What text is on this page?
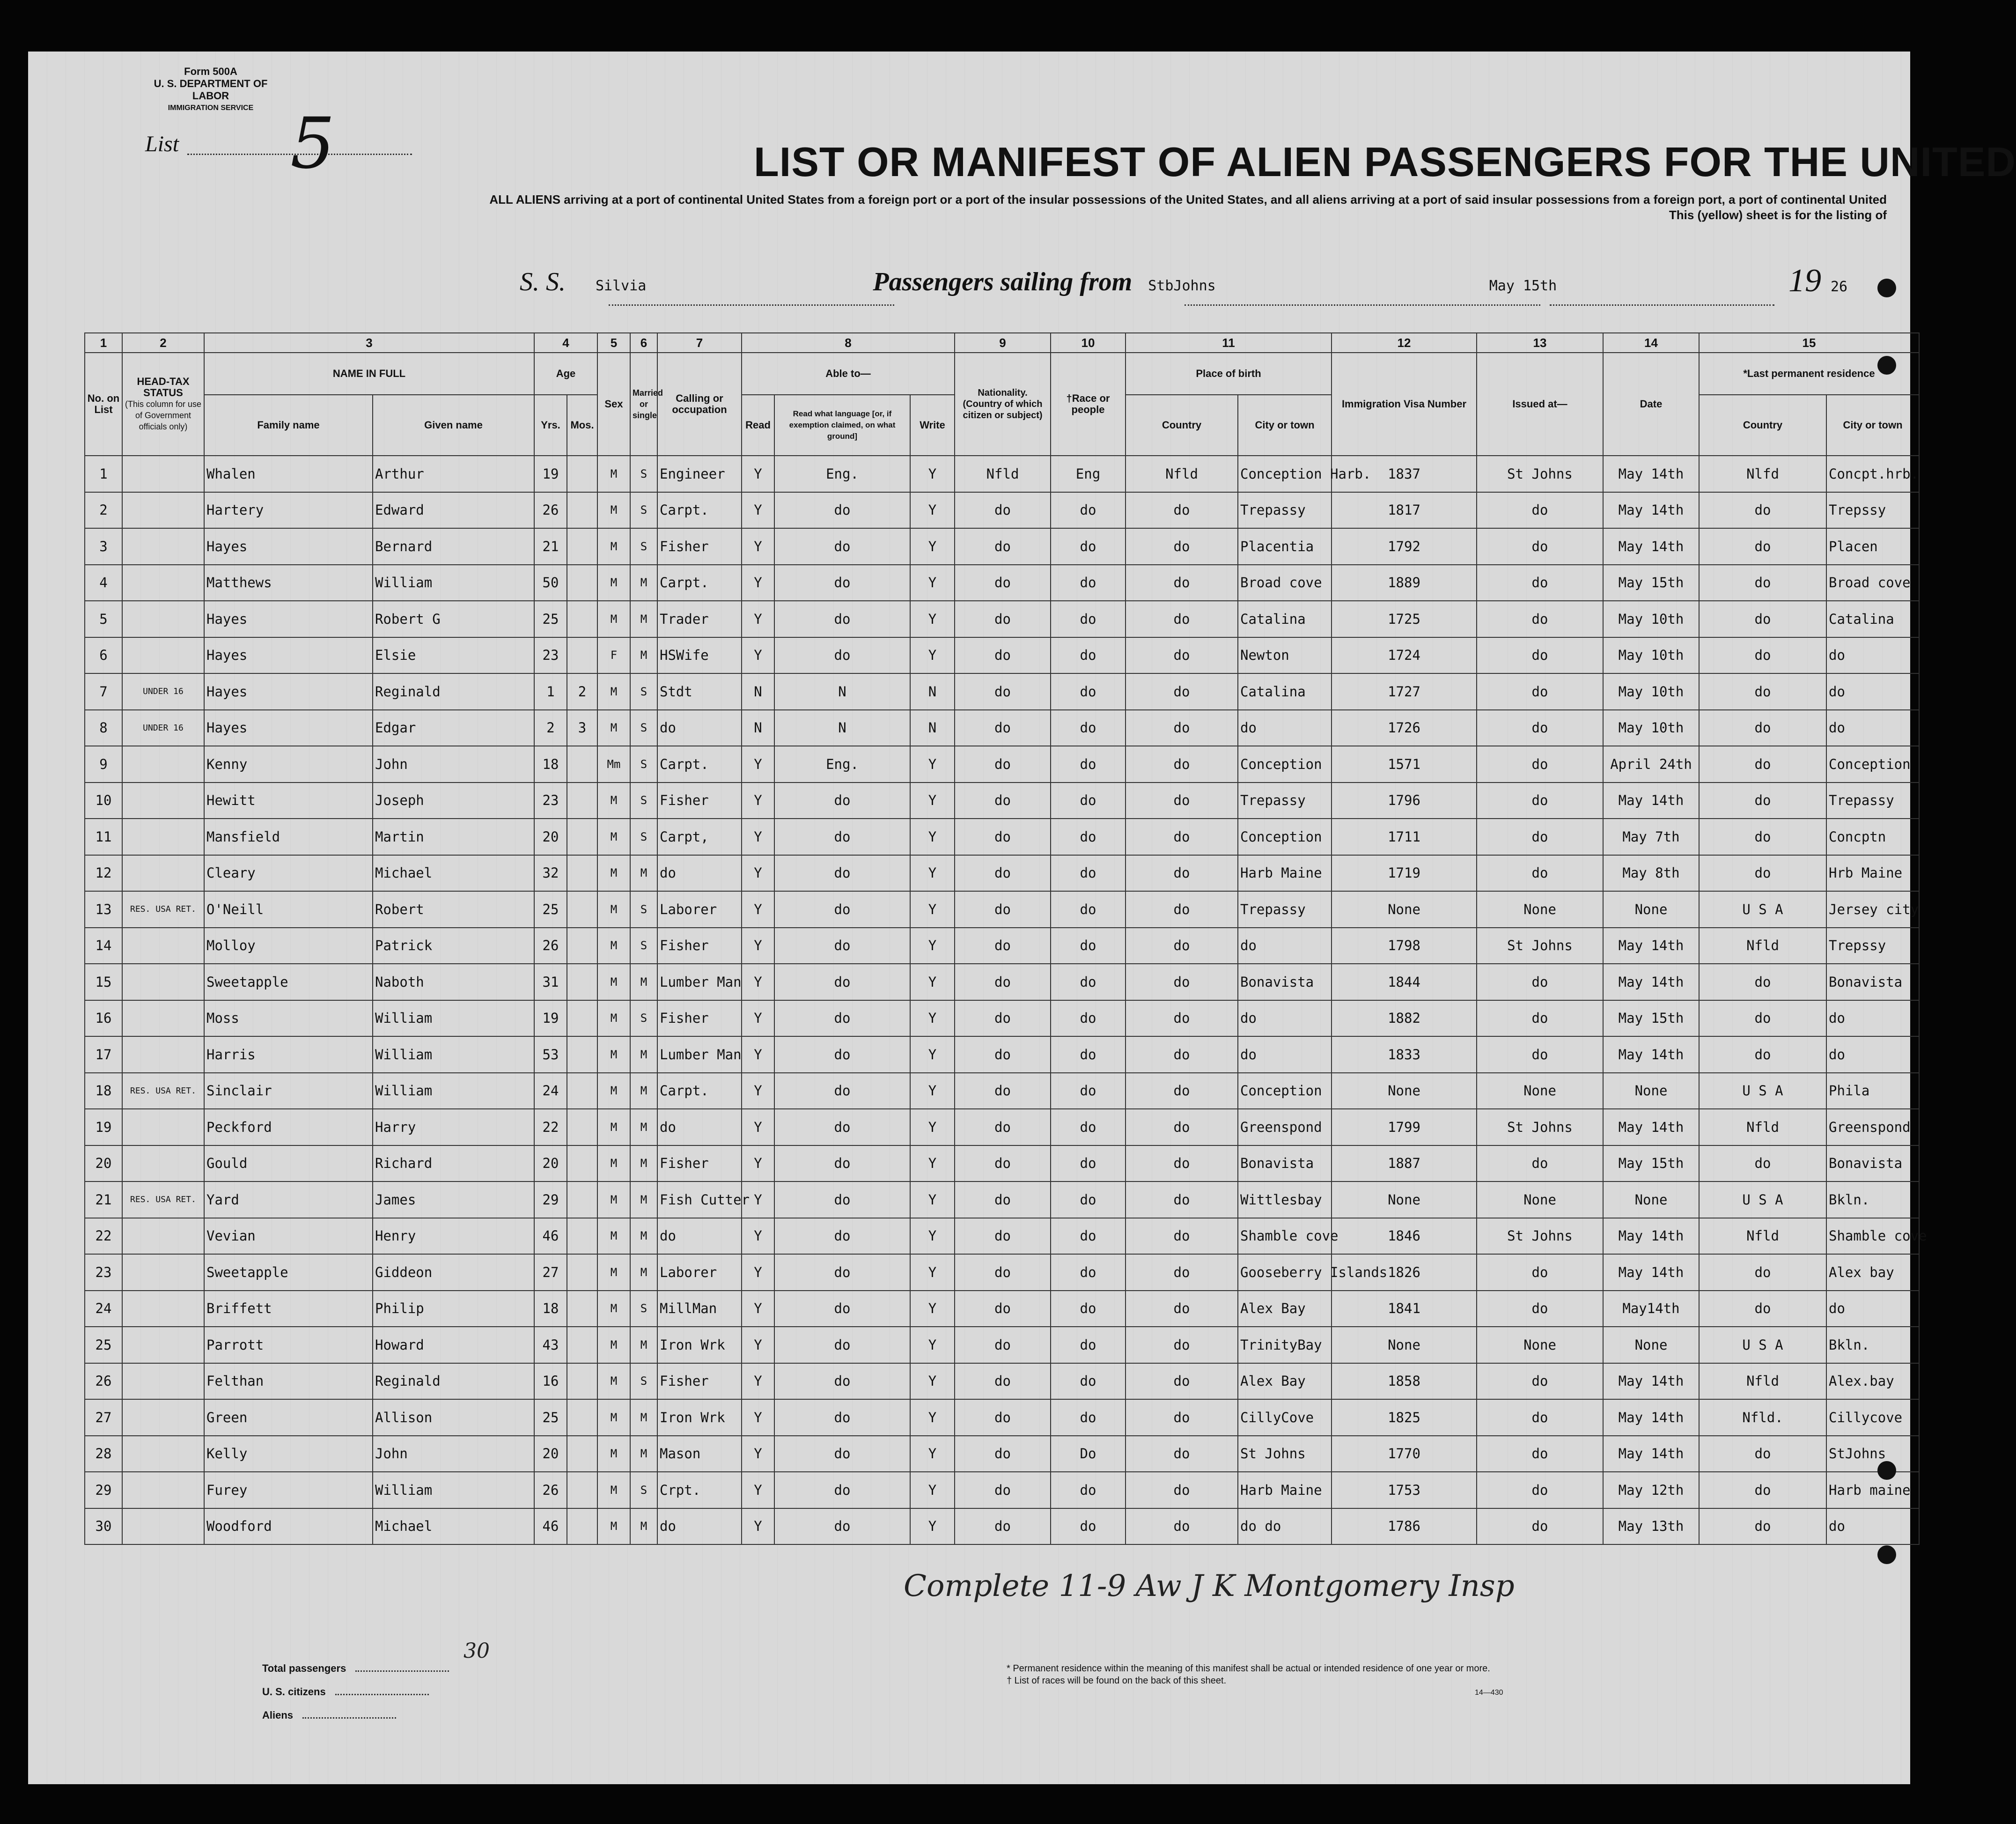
Form 500A
U. S. DEPARTMENT OF LABOR
IMMIGRATION SERVICE
List 5	LIST OR MANIFEST OF ALIEN PASSENGERS FOR THE UNITED
ALL ALIENS arriving at a port of continental United States from a foreign port or a port of the insular possessions of the United States, and all aliens arriving at a port of said insular possessions from a foreign port, a port of continental United
This (yellow) sheet is for the listing of
S. S. Silvia	Passengers sailing from StbJohns	May 15th	19 26
1	2	3		4		5	6	7	8			9	10	11		12	13	14	15	
No. on List	HEAD-TAX STATUS
(This column for use of Government officials only)	NAME IN FULL		Age		Sex	Married or single	Calling or occupation	Able to—			Nationality. (Country of which citizen or subject)	†Race or people	Place of birth		Immigration Visa Number	Issued at—	Date	*Last permanent residence	
		Family name	Given name	Yrs.	Mos.				Read	Read what language [or, if exemption claimed, on what ground]	Write			Country	City or town				Country	City or town
1		Whalen	Arthur	19		M	S	Engineer	Y	Eng.	Y	Nfld	Eng	Nfld	Conception Harb.	1837	St Johns	May 14th	Nlfd	Concpt.hrb.
2		Hartery	Edward	26		M	S	Carpt.	Y	do	Y	do	do	do	Trepassy	1817	do	May 14th	do	Trepssy
3		Hayes	Bernard	21		M	S	Fisher	Y	do	Y	do	do	do	Placentia	1792	do	May 14th	do	Placen
4		Matthews	William	50		M	M	Carpt.	Y	do	Y	do	do	do	Broad cove	1889	do	May 15th	do	Broad cove
5		Hayes	Robert G	25		M	M	Trader	Y	do	Y	do	do	do	Catalina	1725	do	May 10th	do	Catalina
6		Hayes	Elsie	23		F	M	HSWife	Y	do	Y	do	do	do	Newton	1724	do	May 10th	do	do
7	UNDER 16	Hayes	Reginald	1	2	M	S	Stdt	N	N	N	do	do	do	Catalina	1727	do	May 10th	do	do
8	UNDER 16	Hayes	Edgar	2	3	M	S	do	N	N	N	do	do	do	do	1726	do	May 10th	do	do
9		Kenny	John	18		Mm	S	Carpt.	Y	Eng.	Y	do	do	do	Conception	1571	do	April 24th	do	Conception
10		Hewitt	Joseph	23		M	S	Fisher	Y	do	Y	do	do	do	Trepassy	1796	do	May 14th	do	Trepassy
11		Mansfield	Martin	20		M	S	Carpt,	Y	do	Y	do	do	do	Conception	1711	do	May 7th	do	Concptn
12		Cleary	Michael	32		M	M	do	Y	do	Y	do	do	do	Harb Maine	1719	do	May 8th	do	Hrb Maine
13	RES. USA RET.	O'Neill	Robert	25		M	S	Laborer	Y	do	Y	do	do	do	Trepassy	None	None	None	U S A	Jersey city
14		Molloy	Patrick	26		M	S	Fisher	Y	do	Y	do	do	do	do	1798	St Johns	May 14th	Nfld	Trepssy
15		Sweetapple	Naboth	31		M	M	Lumber Man	Y	do	Y	do	do	do	Bonavista	1844	do	May 14th	do	Bonavista
16		Moss	William	19		M	S	Fisher	Y	do	Y	do	do	do	do	1882	do	May 15th	do	do
17		Harris	William	53		M	M	Lumber Man	Y	do	Y	do	do	do	do	1833	do	May 14th	do	do
18	RES. USA RET.	Sinclair	William	24		M	M	Carpt.	Y	do	Y	do	do	do	Conception	None	None	None	U S A	Phila
19		Peckford	Harry	22		M	M	do	Y	do	Y	do	do	do	Greenspond	1799	St Johns	May 14th	Nfld	Greenspond
20		Gould	Richard	20		M	M	Fisher	Y	do	Y	do	do	do	Bonavista	1887	do	May 15th	do	Bonavista
21	RES. USA RET.	Yard	James	29		M	M	Fish Cutter	Y	do	Y	do	do	do	Wittlesbay	None	None	None	U S A	Bkln.
22		Vevian	Henry	46		M	M	do	Y	do	Y	do	do	do	Shamble cove	1846	St Johns	May 14th	Nfld	Shamble cove
23		Sweetapple	Giddeon	27		M	M	Laborer	Y	do	Y	do	do	do	Gooseberry Islands	1826	do	May 14th	do	Alex bay
24		Briffett	Philip	18		M	S	MillMan	Y	do	Y	do	do	do	Alex Bay	1841	do	May14th	do	do
25		Parrott	Howard	43		M	M	Iron Wrk	Y	do	Y	do	do	do	TrinityBay	None	None	None	U S A	Bkln.
26		Felthan	Reginald	16		M	S	Fisher	Y	do	Y	do	do	do	Alex Bay	1858	do	May 14th	Nfld	Alex.bay
27		Green	Allison	25		M	M	Iron Wrk	Y	do	Y	do	do	do	CillyCove	1825	do	May 14th	Nfld.	Cillycove
28		Kelly	John	20		M	M	Mason	Y	do	Y	do	Do	do	St Johns	1770	do	May 14th	do	StJohns
29		Furey	William	26		M	S	Crpt.	Y	do	Y	do	do	do	Harb Maine	1753	do	May 12th	do	Harb maine
30		Woodford	Michael	46		M	M	do	Y	do	Y	do	do	do	do do	1786	do	May 13th	do	do
Complete 11-9 Aw J K Montgomery Insp
30
Total passengers
U. S. citizens
Aliens
* Permanent residence within the meaning of this manifest shall be actual or intended residence of one year or more.
† List of races will be found on the back of this sheet.
14—430
